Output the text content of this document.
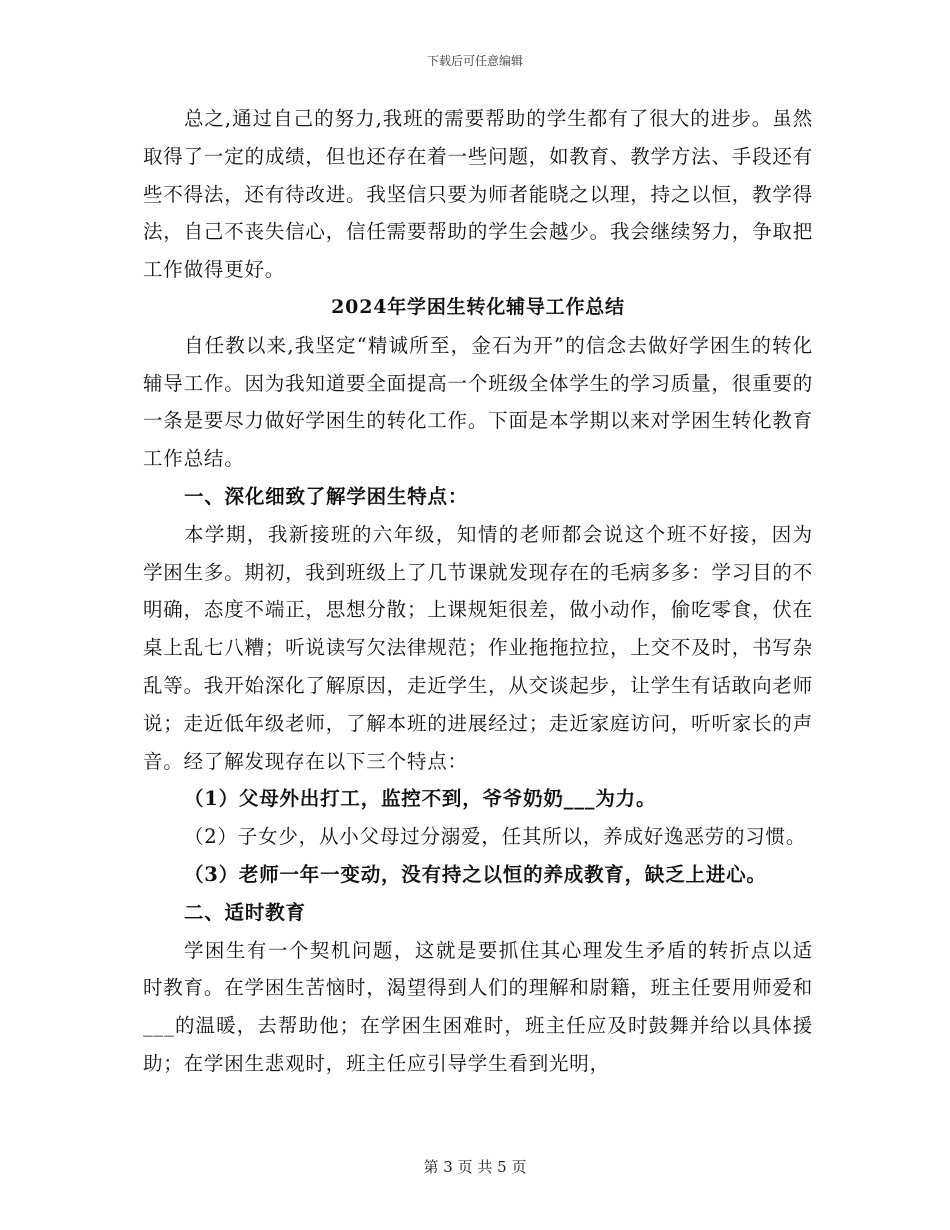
下载后可任意编辑

总之,通过自己的努力,我班的需要帮助的学生都有了很大的进步。虽然取得了一定的成绩，但也还存在着一些问题，如教育、教学方法、手段还有些不得法，还有待改进。我坚信只要为师者能晓之以理，持之以恒，教学得法，自己不丧失信心，信任需要帮助的学生会越少。我会继续努力，争取把工作做得更好。

2024年学困生转化辅导工作总结

自任教以来,我坚定“精诚所至，金石为开”的信念去做好学困生的转化辅导工作。因为我知道要全面提高一个班级全体学生的学习质量，很重要的一条是要尽力做好学困生的转化工作。下面是本学期以来对学困生转化教育工作总结。

一、深化细致了解学困生特点：

本学期，我新接班的六年级，知情的老师都会说这个班不好接，因为学困生多。期初，我到班级上了几节课就发现存在的毛病多多：学习目的不明确，态度不端正，思想分散；上课规矩很差，做小动作，偷吃零食，伏在桌上乱七八糟；听说读写欠法律规范；作业拖拖拉拉，上交不及时，书写杂乱等。我开始深化了解原因，走近学生，从交谈起步，让学生有话敢向老师说；走近低年级老师，了解本班的进展经过；走近家庭访问，听听家长的声音。经了解发现存在以下三个特点：

（1）父母外出打工，监控不到，爷爷奶奶___为力。

（2）子女少，从小父母过分溺爱，任其所以，养成好逸恶劳的习惯。

（3）老师一年一变动，没有持之以恒的养成教育，缺乏上进心。

二、适时教育

学困生有一个契机问题，这就是要抓住其心理发生矛盾的转折点以适时教育。在学困生苦恼时，渴望得到人们的理解和尉籍，班主任要用师爱和___的温暖，去帮助他；在学困生困难时，班主任应及时鼓舞并给以具体援助；在学困生悲观时，班主任应引导学生看到光明，

第 3 页 共 5 页
